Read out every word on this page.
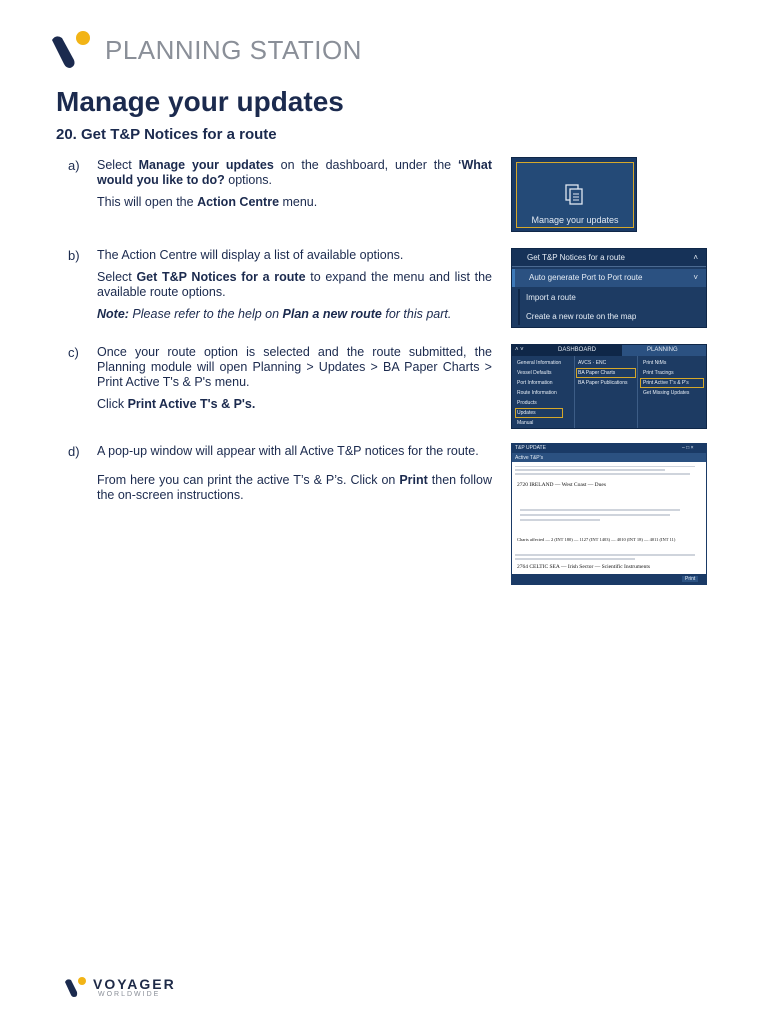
PLANNING STATION
Manage your updates
20. Get T&P Notices for a route
a) Select Manage your updates on the dashboard, under the ‘What would you like to do? options.
This will open the Action Centre menu.
Manage your updates
b) The Action Centre will display a list of available options.
Select Get T&P Notices for a route to expand the menu and list the available route options.
Note: Please refer to the help on Plan a new route for this part.
Get T&P Notices for a route	˄
Auto generate Port to Port route	˅
Import a route
Create a new route on the map
c) Once your route option is selected and the route submitted, the Planning module will open Planning > Updates > BA Paper Charts > Print Active T's & P's menu.
Click Print Active T's & P's.
˄ ˅	DASHBOARD	PLANNING
General Information
Vessel Defaults
Port Information
Route Information
Products
Updates
Manual
AVCS · ENC
BA Paper Charts
BA Paper Publications
Print NtMs
Print Tracings
Print Active T's & P's
Get Missing Updates
d) A pop-up window will appear with all Active T&P notices for the route.
From here you can print the active T’s & P’s. Click on Print then follow the on-screen instructions.
T&P UPDATE	– □ ×
Active T&P's
2720 IRELAND — West Coast — Dues
Charts affected — 2 (INT 180) — 1127 (INT 1403) — 4010 (INT 18) — 4011 (INT 11)
2764 CELTIC SEA — Irish Sector — Scientific Instruments
Print
VOYAGER
WORLDWIDE
